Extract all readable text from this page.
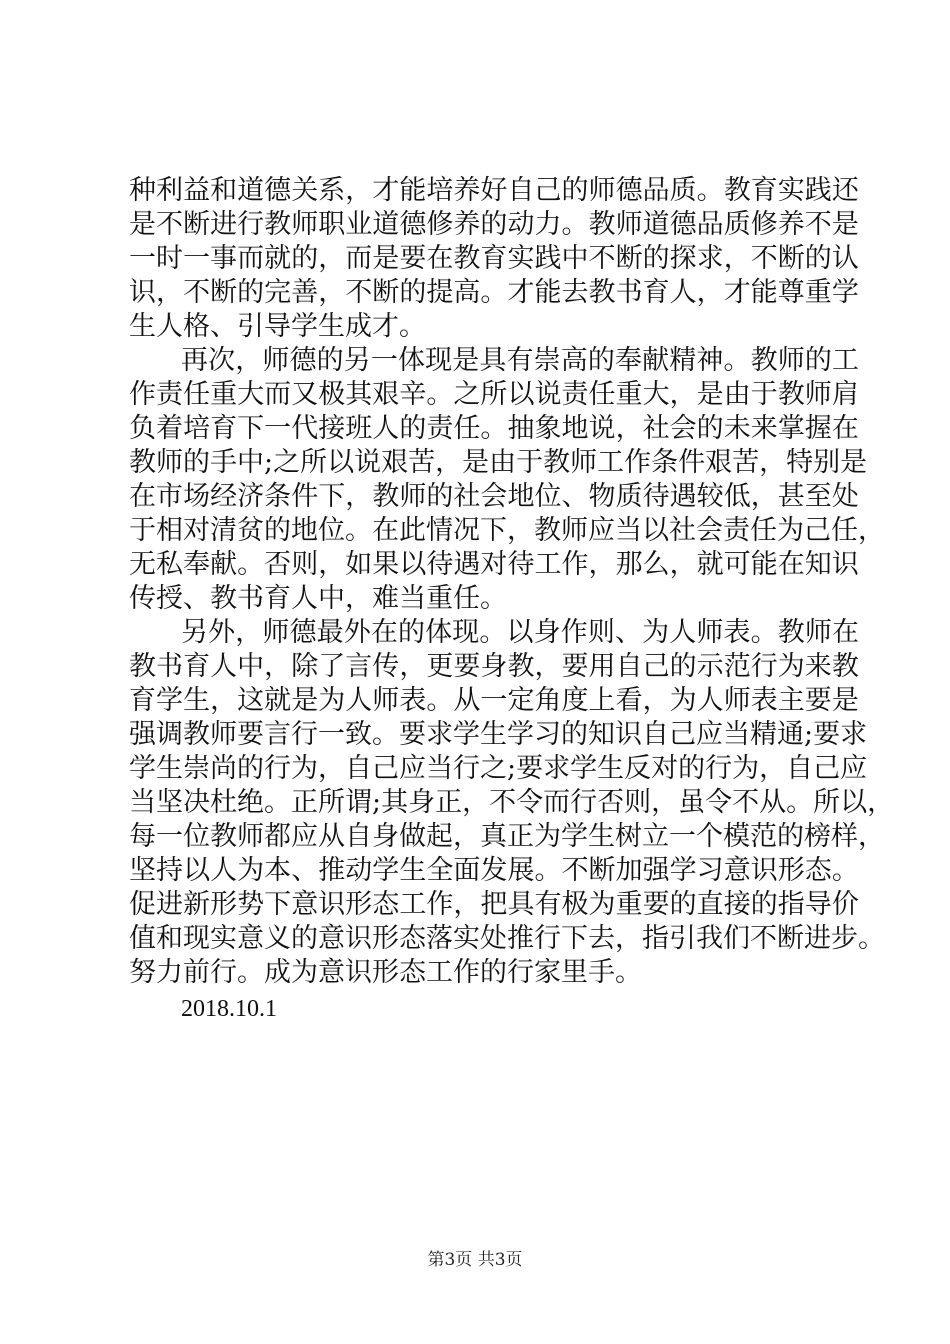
种 利 益 和 道 德 关 系 ， 才 能 培 养 好 自 己 的 师 德 品 质 。 教 育 实 践 还
是 不 断 进 行 教 师 职 业 道 德 修 养 的 动 力 。 教 师 道 德 品 质 修 养 不 是
一 时 一 事 而 就 的 ， 而 是 要 在 教 育 实 践 中 不 断 的 探 求 ， 不 断 的 认
识 ， 不 断 的 完 善 ， 不 断 的 提 高 。 才 能 去 教 书 育 人 ， 才 能 尊 重 学
生人格、引导学生成才。
再 次 ， 师 德 的 另 一 体 现 是 具 有 崇 高 的 奉 献 精 神 。 教 师 的 工
作 责 任 重 大 而 又 极 其 艰 辛 。 之 所 以 说 责 任 重 大 ， 是 由 于 教 师 肩
负 着 培 育 下 一 代 接 班 人 的 责 任 。 抽 象 地 说 ， 社 会 的 未 来 掌 握 在
教 师 的 手 中 ; 之 所 以 说 艰 苦 ， 是 由 于 教 师 工 作 条 件 艰 苦 ， 特 别 是
在 市 场 经 济 条 件 下 ， 教 师 的 社 会 地 位 、 物 质 待 遇 较 低 ， 甚 至 处
于 相 对 清 贫 的 地 位 。 在 此 情 况 下 ， 教 师 应 当 以 社 会 责 任 为 己 任 ，
无 私 奉 献 。 否 则 ， 如 果 以 待 遇 对 待 工 作 ， 那 么 ， 就 可 能 在 知 识
传授、教书育人中，难当重任。
另 外 ， 师 德 最 外 在 的 体 现 。 以 身 作 则 、 为 人 师 表 。 教 师 在
教 书 育 人 中 ， 除 了 言 传 ， 更 要 身 教 ， 要 用 自 己 的 示 范 行 为 来 教
育 学 生 ， 这 就 是 为 人 师 表 。 从 一 定 角 度 上 看 ， 为 人 师 表 主 要 是
强 调 教 师 要 言 行 一 致 。 要 求 学 生 学 习 的 知 识 自 己 应 当 精 通 ; 要 求
学 生 崇 尚 的 行 为 ， 自 己 应 当 行 之 ; 要 求 学 生 反 对 的 行 为 ， 自 己 应
当 坚 决 杜 绝 。 正 所 谓 ; 其 身 正 ， 不 令 而 行 否 则 ， 虽 令 不 从 。 所 以 ，
每 一 位 教 师 都 应 从 自 身 做 起 ， 真 正 为 学 生 树 立 一 个 模 范 的 榜 样 ，
坚 持 以 人 为 本 、 推 动 学 生 全 面 发 展 。 不 断 加 强 学 习 意 识 形 态 。
促 进 新 形 势 下 意 识 形 态 工 作 ， 把 具 有 极 为 重 要 的 直 接 的 指 导 价
值 和 现 实 意 义 的 意 识 形 态 落 实 处 推 行 下 去 ， 指 引 我 们 不 断 进 步 。
努力前行。成为意识形态工作的行家里手。
2018.10.1
第3页 共3页
